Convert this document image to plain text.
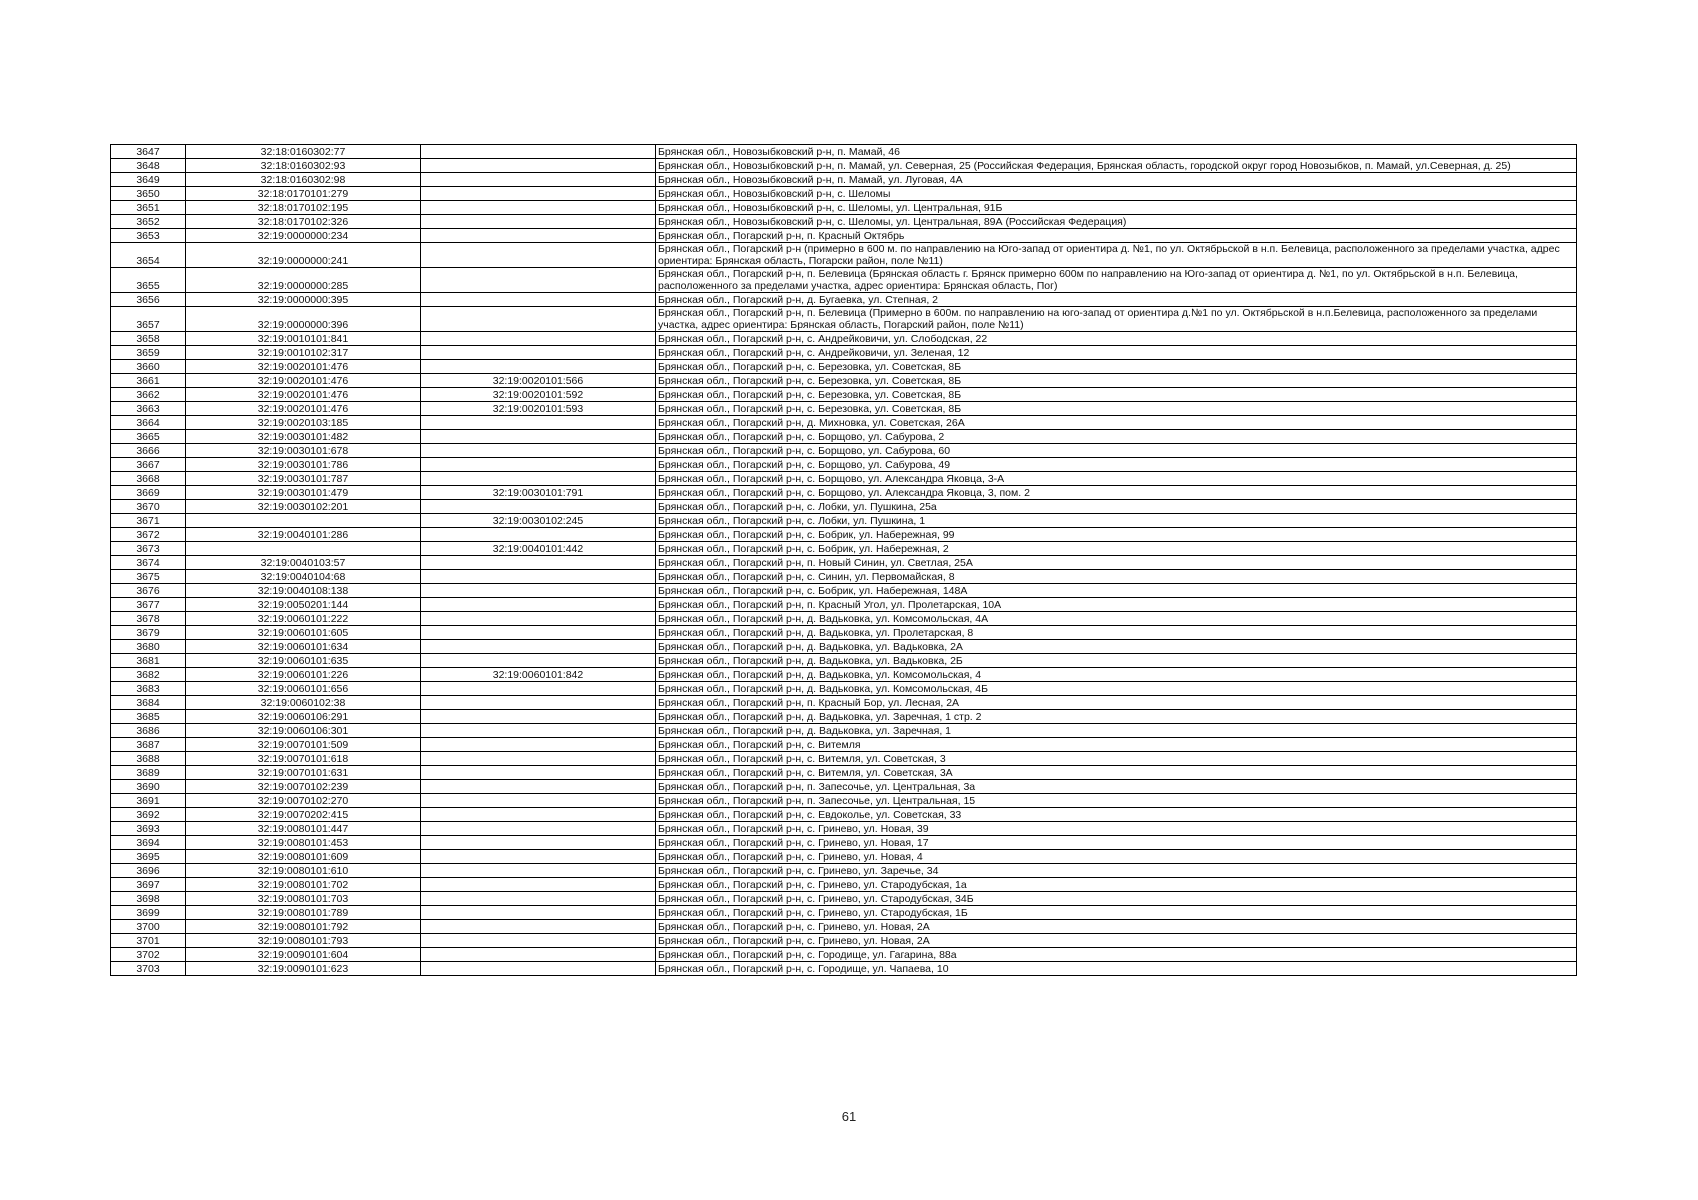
3647	32:18:0160302:77		Брянская обл., Новозыбковский р-н, п. Мамай, 46
3648	32:18:0160302:93		Брянская обл., Новозыбковский р-н, п. Мамай, ул. Северная, 25 (Российская Федерация, Брянская область, городской округ город Новозыбков, п. Мамай, ул.Северная, д. 25)
3649	32:18:0160302:98		Брянская обл., Новозыбковский р-н, п. Мамай, ул. Луговая, 4А
3650	32:18:0170101:279		Брянская обл., Новозыбковский р-н, с. Шеломы
3651	32:18:0170102:195		Брянская обл., Новозыбковский р-н, с. Шеломы, ул. Центральная, 91Б
3652	32:18:0170102:326		Брянская обл., Новозыбковский р-н, с. Шеломы, ул. Центральная, 89А (Российская Федерация)
3653	32:19:0000000:234		Брянская обл., Погарский р-н, п. Красный Октябрь
3654	32:19:0000000:241		Брянская обл., Погарский р-н (примерно в 600 м. по направлению на Юго-запад от ориентира д. №1, по ул. Октябрьской в н.п. Белевица, расположенного за пределами участка, адрес ориентира: Брянская область, Погарски район, поле №11)
3655	32:19:0000000:285		Брянская обл., Погарский р-н, п. Белевица (Брянская область г. Брянск примерно 600м по направлению на Юго-запад от ориентира д. №1, по ул. Октябрьской в н.п. Белевица, расположенного за пределами участка, адрес ориентира: Брянская область, Пог)
3656	32:19:0000000:395		Брянская обл., Погарский р-н, д. Бугаевка, ул. Степная, 2
3657	32:19:0000000:396		Брянская обл., Погарский р-н, п. Белевица (Примерно в 600м. по направлению на юго-запад от ориентира д.№1 по ул. Октябрьской в н.п.Белевица, расположенного за пределами участка, адрес ориентира: Брянская область, Погарский район, поле №11)
3658	32:19:0010101:841		Брянская обл., Погарский р-н, с. Андрейковичи, ул. Слободская, 22
3659	32:19:0010102:317		Брянская обл., Погарский р-н, с. Андрейковичи, ул. Зеленая, 12
3660	32:19:0020101:476		Брянская обл., Погарский р-н, с. Березовка, ул. Советская, 8Б
3661	32:19:0020101:476	32:19:0020101:566	Брянская обл., Погарский р-н, с. Березовка, ул. Советская, 8Б
3662	32:19:0020101:476	32:19:0020101:592	Брянская обл., Погарский р-н, с. Березовка, ул. Советская, 8Б
3663	32:19:0020101:476	32:19:0020101:593	Брянская обл., Погарский р-н, с. Березовка, ул. Советская, 8Б
3664	32:19:0020103:185		Брянская обл., Погарский р-н, д. Михновка, ул. Советская, 26А
3665	32:19:0030101:482		Брянская обл., Погарский р-н, с. Борщово, ул. Сабурова, 2
3666	32:19:0030101:678		Брянская обл., Погарский р-н, с. Борщово, ул. Сабурова, 60
3667	32:19:0030101:786		Брянская обл., Погарский р-н, с. Борщово, ул. Сабурова, 49
3668	32:19:0030101:787		Брянская обл., Погарский р-н, с. Борщово, ул. Александра Яковца, 3-А
3669	32:19:0030101:479	32:19:0030101:791	Брянская обл., Погарский р-н, с. Борщово, ул. Александра Яковца, 3, пом. 2
3670	32:19:0030102:201		Брянская обл., Погарский р-н, с. Лобки, ул. Пушкина, 25а
3671		32:19:0030102:245	Брянская обл., Погарский р-н, с. Лобки, ул. Пушкина, 1
3672	32:19:0040101:286		Брянская обл., Погарский р-н, с. Бобрик, ул. Набережная, 99
3673		32:19:0040101:442	Брянская обл., Погарский р-н, с. Бобрик, ул. Набережная, 2
3674	32:19:0040103:57		Брянская обл., Погарский р-н, п. Новый Синин, ул. Светлая, 25А
3675	32:19:0040104:68		Брянская обл., Погарский р-н, с. Синин, ул. Первомайская, 8
3676	32:19:0040108:138		Брянская обл., Погарский р-н, с. Бобрик, ул. Набережная, 148А
3677	32:19:0050201:144		Брянская обл., Погарский р-н, п. Красный Угол, ул. Пролетарская, 10А
3678	32:19:0060101:222		Брянская обл., Погарский р-н, д. Вадьковка, ул. Комсомольская, 4А
3679	32:19:0060101:605		Брянская обл., Погарский р-н, д. Вадьковка, ул. Пролетарская, 8
3680	32:19:0060101:634		Брянская обл., Погарский р-н, д. Вадьковка, ул. Вадьковка, 2А
3681	32:19:0060101:635		Брянская обл., Погарский р-н, д. Вадьковка, ул. Вадьковка, 2Б
3682	32:19:0060101:226	32:19:0060101:842	Брянская обл., Погарский р-н, д. Вадьковка, ул. Комсомольская, 4
3683	32:19:0060101:656		Брянская обл., Погарский р-н, д. Вадьковка, ул. Комсомольская, 4Б
3684	32:19:0060102:38		Брянская обл., Погарский р-н, п. Красный Бор, ул. Лесная, 2А
3685	32:19:0060106:291		Брянская обл., Погарский р-н, д. Вадьковка, ул. Заречная, 1 стр. 2
3686	32:19:0060106:301		Брянская обл., Погарский р-н, д. Вадьковка, ул. Заречная, 1
3687	32:19:0070101:509		Брянская обл., Погарский р-н, с. Витемля
3688	32:19:0070101:618		Брянская обл., Погарский р-н, с. Витемля, ул. Советская, 3
3689	32:19:0070101:631		Брянская обл., Погарский р-н, с. Витемля, ул. Советская, 3А
3690	32:19:0070102:239		Брянская обл., Погарский р-н, п. Запесочье, ул. Центральная, 3а
3691	32:19:0070102:270		Брянская обл., Погарский р-н, п. Запесочье, ул. Центральная, 15
3692	32:19:0070202:415		Брянская обл., Погарский р-н, с. Евдоколье, ул. Советская, 33
3693	32:19:0080101:447		Брянская обл., Погарский р-н, с. Гринево, ул. Новая, 39
3694	32:19:0080101:453		Брянская обл., Погарский р-н, с. Гринево, ул. Новая, 17
3695	32:19:0080101:609		Брянская обл., Погарский р-н, с. Гринево, ул. Новая, 4
3696	32:19:0080101:610		Брянская обл., Погарский р-н, с. Гринево, ул. Заречье, 34
3697	32:19:0080101:702		Брянская обл., Погарский р-н, с. Гринево, ул. Стародубская, 1а
3698	32:19:0080101:703		Брянская обл., Погарский р-н, с. Гринево, ул. Стародубская, 34Б
3699	32:19:0080101:789		Брянская обл., Погарский р-н, с. Гринево, ул. Стародубская, 1Б
3700	32:19:0080101:792		Брянская обл., Погарский р-н, с. Гринево, ул. Новая, 2А
3701	32:19:0080101:793		Брянская обл., Погарский р-н, с. Гринево, ул. Новая, 2А
3702	32:19:0090101:604		Брянская обл., Погарский р-н, с. Городище, ул. Гагарина, 88а
3703	32:19:0090101:623		Брянская обл., Погарский р-н, с. Городище, ул. Чапаева, 10
61
